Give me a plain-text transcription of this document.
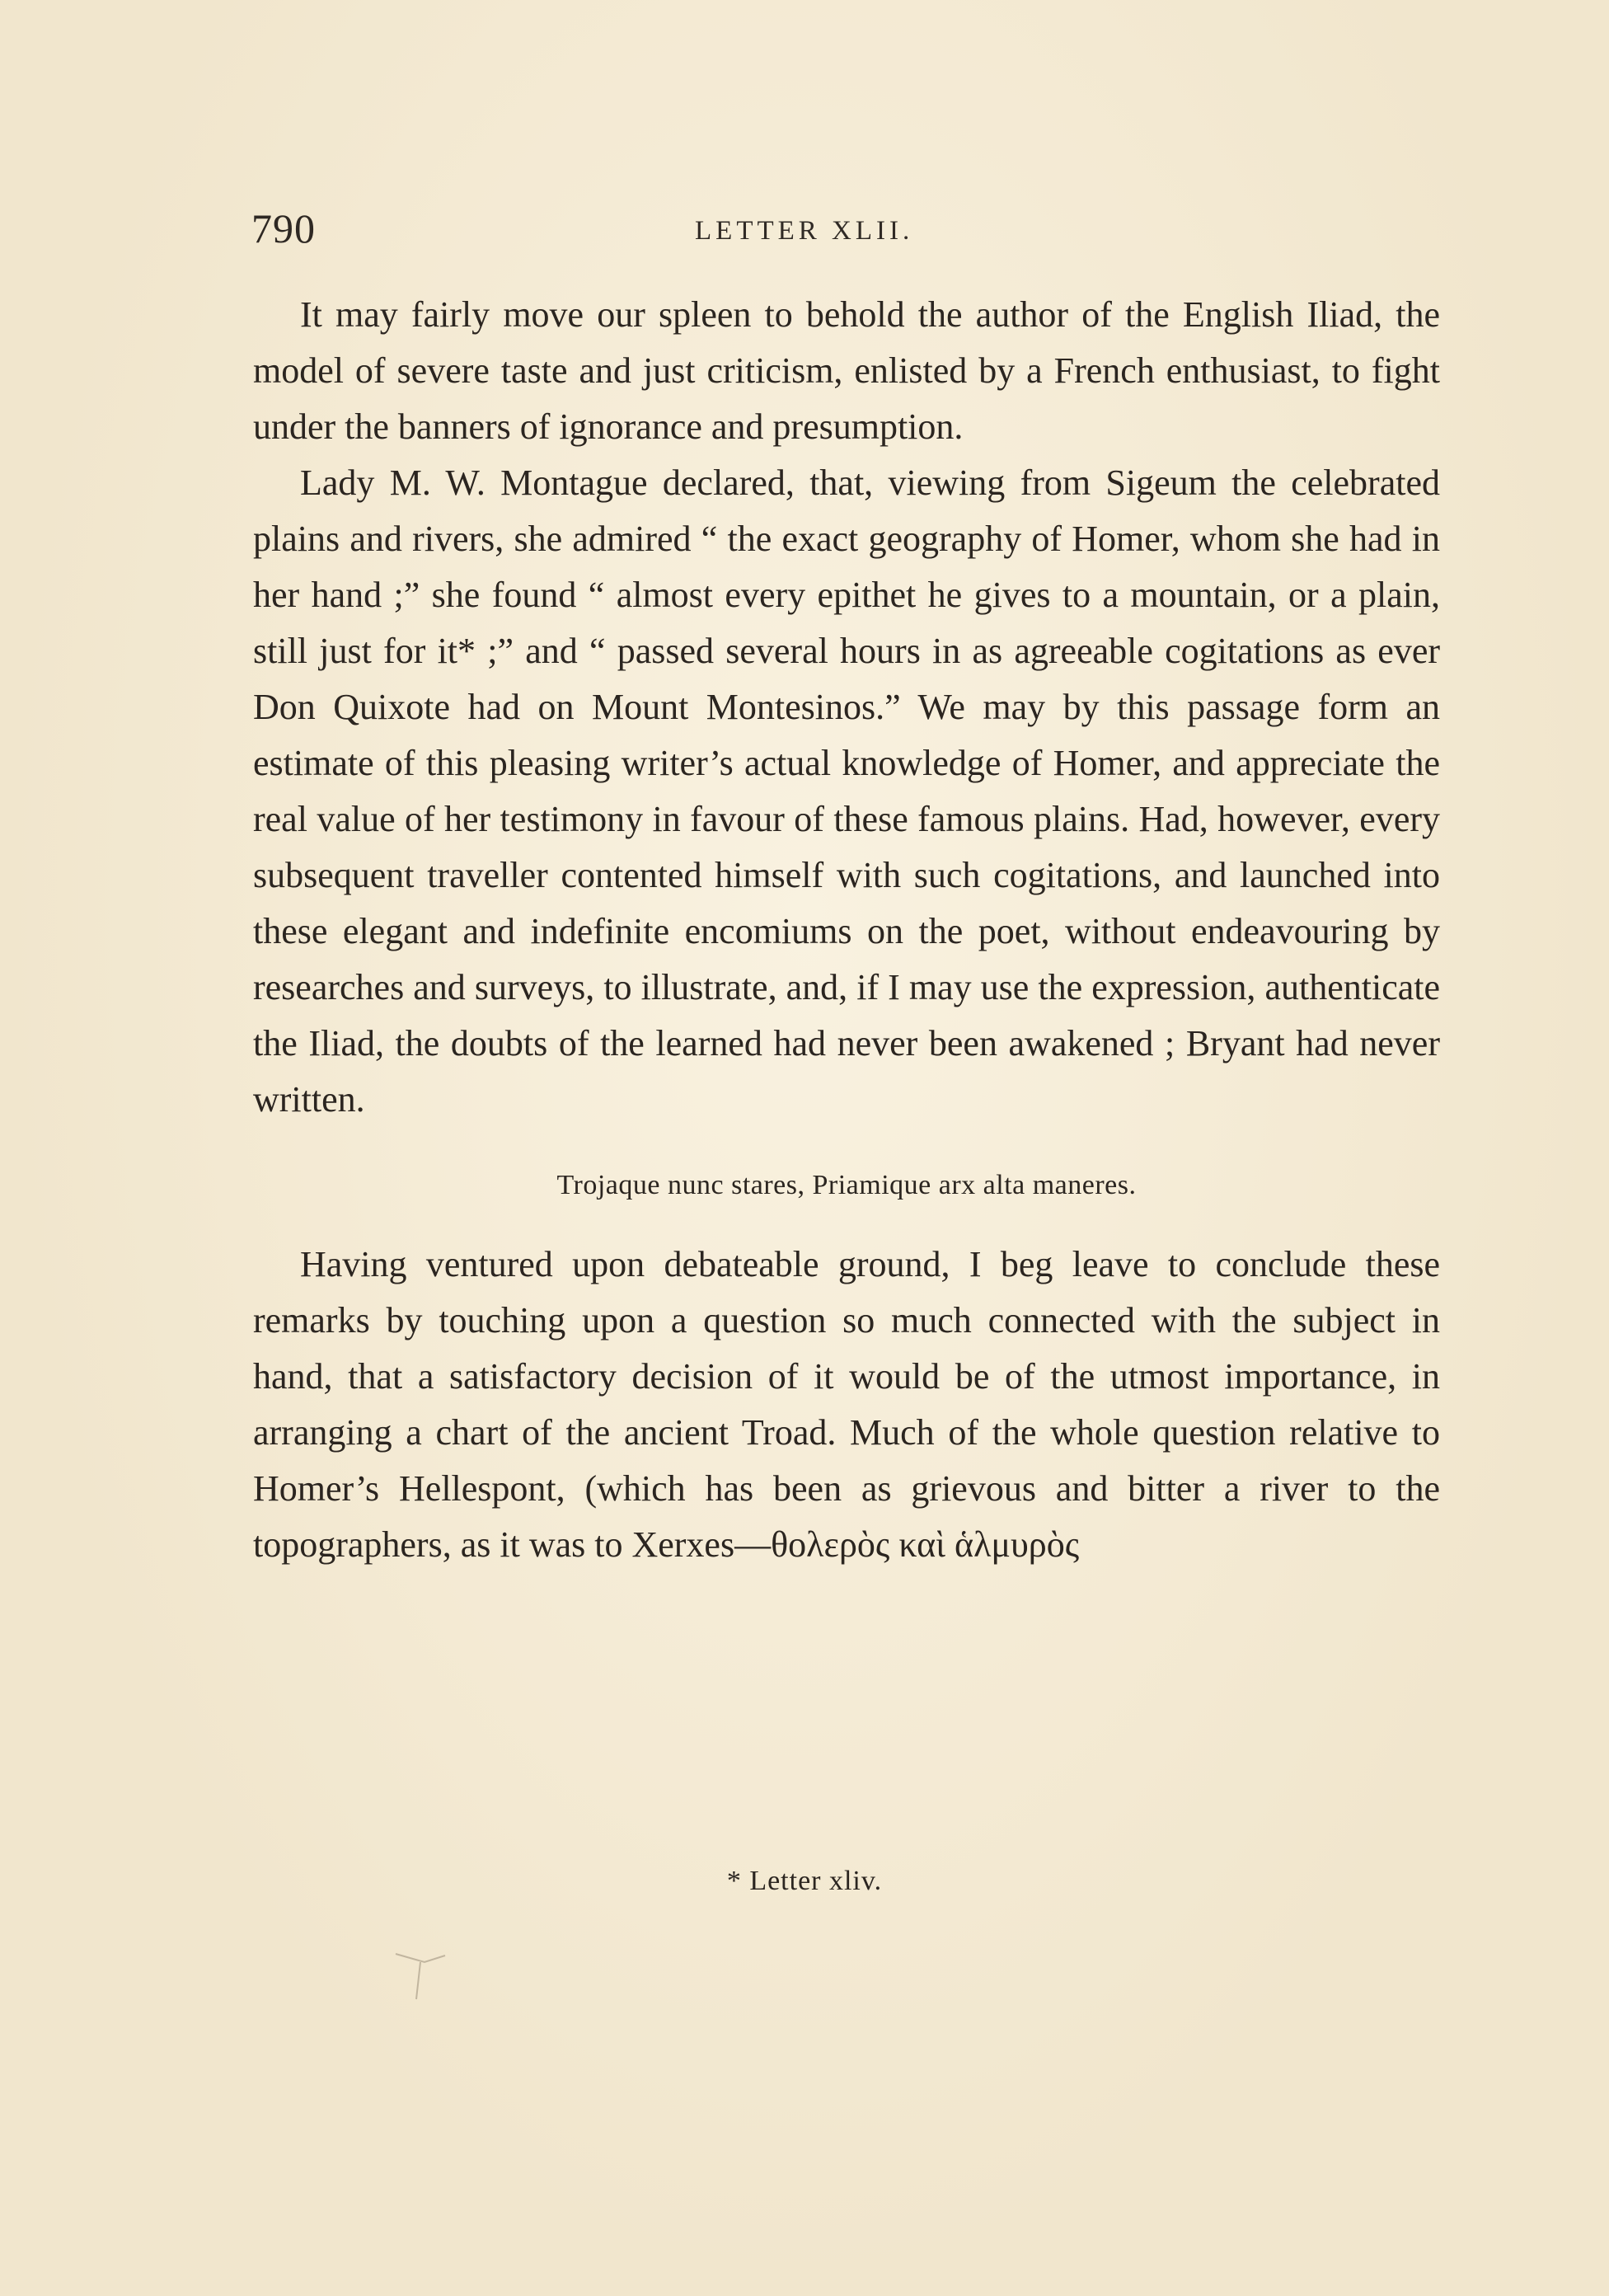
790	LETTER XLII.

It may fairly move our spleen to behold the author of the English Iliad, the model of severe taste and just criticism, enlisted by a French enthusiast, to fight under the banners of ignorance and presumption.

Lady M. W. Montague declared, that, viewing from Sigeum the celebrated plains and rivers, she admired “ the exact geography of Homer, whom she had in her hand ;” she found “ almost every epithet he gives to a mountain, or a plain, still just for it* ;” and “ passed several hours in as agreeable cogitations as ever Don Quixote had on Mount Montesinos.” We may by this passage form an estimate of this pleasing writer’s actual knowledge of Homer, and appreciate the real value of her testimony in favour of these famous plains. Had, however, every subsequent traveller contented himself with such cogitations, and launched into these elegant and indefinite encomiums on the poet, without endeavouring by researches and surveys, to illustrate, and, if I may use the expression, authenticate the Iliad, the doubts of the learned had never been awakened ; Bryant had never written.

Trojaque nunc stares, Priamique arx alta maneres.

Having ventured upon debateable ground, I beg leave to conclude these remarks by touching upon a question so much connected with the subject in hand, that a satisfactory decision of it would be of the utmost importance, in arranging a chart of the ancient Troad. Much of the whole question relative to Homer’s Hellespont, (which has been as grievous and bitter a river to the topographers, as it was to Xerxes—θολερὸς καὶ ἁλμυρὸς

* Letter xliv.
